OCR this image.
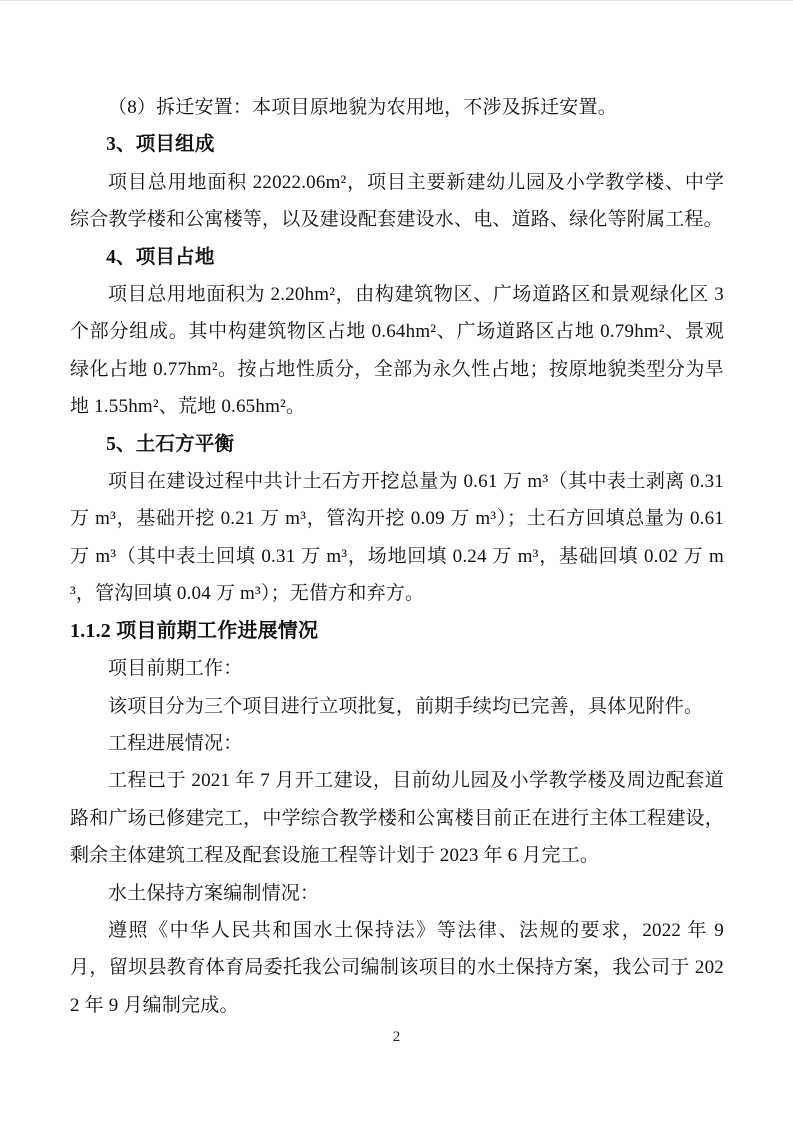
（8）拆迁安置：本项目原地貌为农用地，不涉及拆迁安置。

3、项目组成

项目总用地面积 22022.06m²，项目主要新建幼儿园及小学教学楼、中学综合教学楼和公寓楼等，以及建设配套建设水、电、道路、绿化等附属工程。

4、项目占地

项目总用地面积为 2.20hm²，由构建筑物区、广场道路区和景观绿化区 3 个部分组成。其中构建筑物区占地 0.64hm²、广场道路区占地 0.79hm²、景观绿化占地 0.77hm²。按占地性质分，全部为永久性占地；按原地貌类型分为旱地 1.55hm²、荒地 0.65hm²。

5、土石方平衡

项目在建设过程中共计土石方开挖总量为 0.61 万 m³（其中表土剥离 0.31 万 m³，基础开挖 0.21 万 m³，管沟开挖 0.09 万 m³）；土石方回填总量为 0.61 万 m³（其中表土回填 0.31 万 m³，场地回填 0.24 万 m³，基础回填 0.02 万 m³，管沟回填 0.04 万 m³）；无借方和弃方。

1.1.2 项目前期工作进展情况

项目前期工作：

该项目分为三个项目进行立项批复，前期手续均已完善，具体见附件。

工程进展情况：

工程已于 2021 年 7 月开工建设，目前幼儿园及小学教学楼及周边配套道路和广场已修建完工，中学综合教学楼和公寓楼目前正在进行主体工程建设，剩余主体建筑工程及配套设施工程等计划于 2023 年 6 月完工。

水土保持方案编制情况：

遵照《中华人民共和国水土保持法》等法律、法规的要求，2022 年 9 月，留坝县教育体育局委托我公司编制该项目的水土保持方案，我公司于 2022 年 9 月编制完成。

2
